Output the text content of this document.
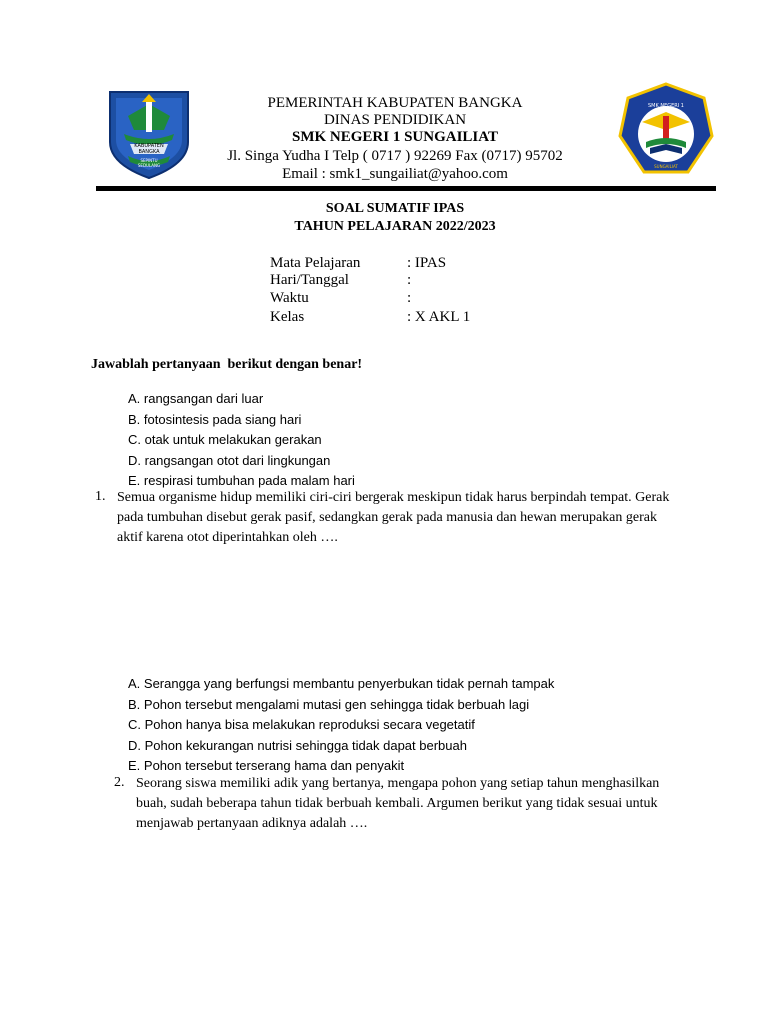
KABUPATEN BANGKA
SEPINTU SEDULANG
SMK NEGERI 1
SUNGAILIAT
PEMERINTAH KABUPATEN BANGKA
DINAS PENDIDIKAN
SMK NEGERI 1 SUNGAILIAT
Jl. Singa Yudha I Telp ( 0717 ) 92269 Fax (0717) 95702
Email : smk1_sungailiat@yahoo.com
SOAL SUMATIF IPAS
TAHUN PELAJARAN 2022/2023
Mata Pelajaran	: IPAS
Hari/Tanggal	:
Waktu	:
Kelas	: X AKL 1
Jawablah pertanyaan  berikut dengan benar!
A. rangsangan dari luar
B. fotosintesis pada siang hari
C. otak untuk melakukan gerakan
D. rangsangan otot dari lingkungan
E. respirasi tumbuhan pada malam hari
1. Semua organisme hidup memiliki ciri-ciri bergerak meskipun tidak harus berpindah tempat. Gerak
pada tumbuhan disebut gerak pasif, sedangkan gerak pada manusia dan hewan merupakan gerak
aktif karena otot diperintahkan oleh ….
A. Serangga yang berfungsi membantu penyerbukan tidak pernah tampak
B. Pohon tersebut mengalami mutasi gen sehingga tidak berbuah lagi
C. Pohon hanya bisa melakukan reproduksi secara vegetatif
D. Pohon kekurangan nutrisi sehingga tidak dapat berbuah
E. Pohon tersebut terserang hama dan penyakit
2. Seorang siswa memiliki adik yang bertanya, mengapa pohon yang setiap tahun menghasilkan
buah, sudah beberapa tahun tidak berbuah kembali. Argumen berikut yang tidak sesuai untuk
menjawab pertanyaan adiknya adalah ….
